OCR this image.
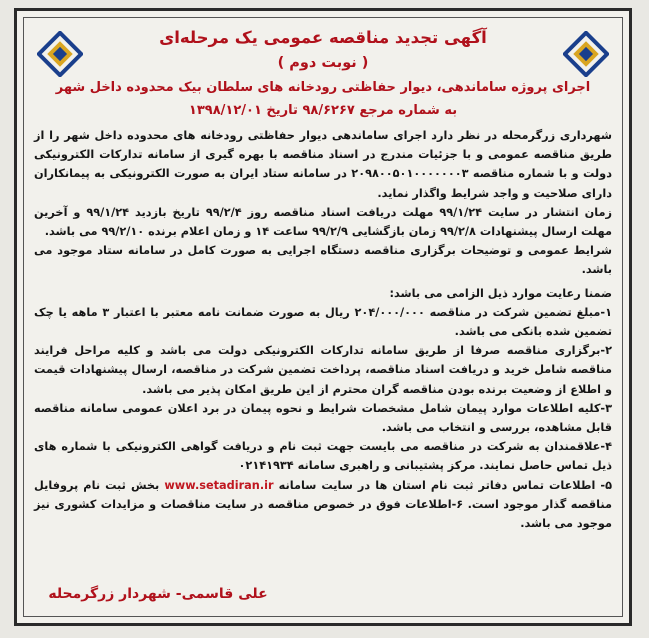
آگهی تجدید مناقصه عمومی یک مرحله‌ای
( نوبت دوم )
اجرای پروژه ساماندهی، دیوار حفاظتی رودخانه های سلطان بیک محدوده داخل شهر
به شماره مرجع ۹۸/۶۲۶۷ تاریخ ۱۳۹۸/۱۲/۰۱

شهرداری زرگرمحله در نظر دارد اجرای ساماندهی دیوار حفاظتی رودخانه های محدوده داخل شهر را از طریق مناقصه عمومی و با جزئیات مندرج در اسناد مناقصه با بهره گیری از سامانه تدارکات الکترونیکی دولت و با شماره مناقصه ۲۰۹۸۰۰۵۰۱۰۰۰۰۰۰۰۳ در سامانه ستاد ایران به صورت الکترونیکی به پیمانکاران دارای صلاحیت و واجد شرایط واگذار نماید.

زمان انتشار در سایت ۹۹/۱/۲۴ مهلت دریافت اسناد مناقصه روز ۹۹/۲/۴ تاریخ بازدید ۹۹/۱/۲۴ و آخرین مهلت ارسال پیشنهادات ۹۹/۲/۸ زمان بازگشایی ۹۹/۲/۹ ساعت ۱۴ و زمان اعلام برنده ۹۹/۲/۱۰ می باشد.

شرایط عمومی و توضیحات برگزاری مناقصه دستگاه اجرایی به صورت کامل در سامانه ستاد موجود می باشد.

ضمنا رعایت موارد ذیل الزامی می باشد:

۱-مبلغ تضمین شرکت در مناقصه ۲۰۴/۰۰۰/۰۰۰ ریال به صورت ضمانت نامه معتبر با اعتبار ۳ ماهه یا چک تضمین شده بانکی می باشد.

۲-برگزاری مناقصه صرفا از طریق سامانه تدارکات الکترونیکی دولت می باشد و کلیه مراحل فرایند مناقصه شامل خرید و دریافت اسناد مناقصه، پرداخت تضمین شرکت در مناقصه، ارسال پیشنهادات قیمت و اطلاع از وضعیت برنده بودن مناقصه گران محترم از این طریق امکان پذیر می باشد.

۳-کلیه اطلاعات موارد پیمان شامل مشخصات شرایط و نحوه پیمان در برد اعلان عمومی سامانه مناقصه قابل مشاهده، بررسی و انتخاب می باشد.

۴-علاقمندان به شرکت در مناقصه می بایست جهت ثبت نام و دریافت گواهی الکترونیکی با شماره های ذیل تماس حاصل نمایند. مرکز پشتیبانی و راهبری سامانه ۰۲۱۴۱۹۳۴

۵- اطلاعات تماس دفاتر ثبت نام استان ها در سایت سامانه www.setadiran.ir بخش ثبت نام پروفایل مناقصه گذار موجود است. ۶-اطلاعات فوق در خصوص مناقصه در سایت مناقصات و مزایدات کشوری نیز موجود می باشد.

علی قاسمی- شهردار زرگرمحله
